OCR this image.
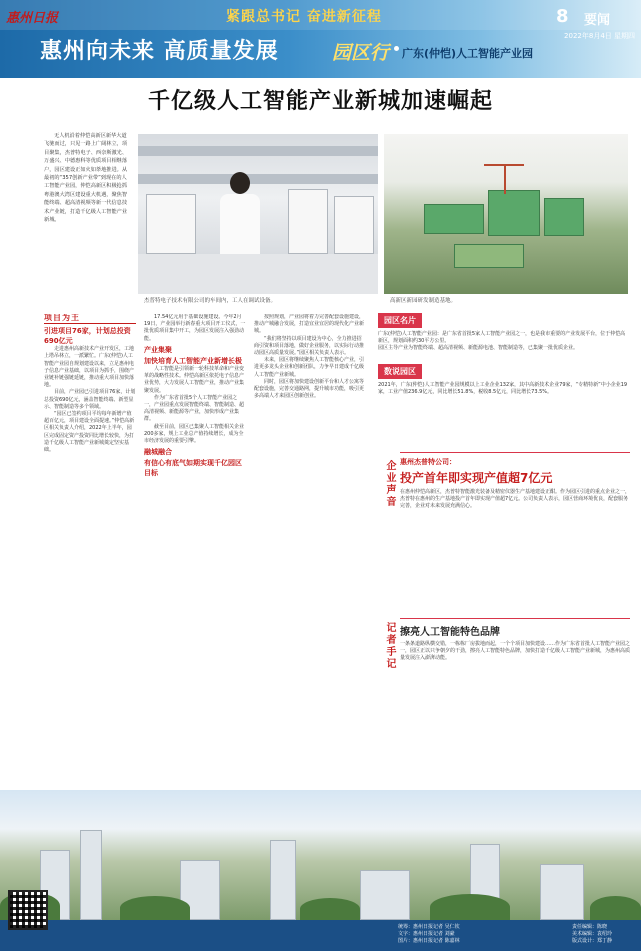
惠州日报	紧跟总书记 奋进新征程	8 要闻
2022年8月4日 星期四
惠州向未来 高质量发展	园区行 广东(仲恺)人工智能产业园
千亿级人工智能产业新城加速崛起

无人机沿着仲恺高新区新华大道飞驰而过，只见一路上广阔林立，项目聚集，杰普特电子、西奈斯激光、万盛兴、中德惠科等优质项目相继落户，园区建设正如火如荼地推进。从最初的“357创新产业带”到现在的人工智能产业园，仲恺高新区积极抢抓粤港澳大湾区建设重大机遇，聚焦智能终端、超高清视频等新一代信息技术产业链，打造千亿级人工智能产业新城。

杰普特电子技术有限公司的车间内，工人在调试设备。	高新区新园研发制造基地。
项目为王
引进项目76家，计划总投资690亿元

走进惠州高新技术产业开发区，工地上塔吊林立，一派繁忙。广东(仲恺)人工智能产业园自规划建设以来，立足惠州电子信息产业基础，以项目为抓手，围绕产业链补链强链延链，推动重大项目加快落地。

目前，产业园已引进项目76家，计划总投资690亿元，涵盖智能终端、新型显示、智能制造等多个领域。

“园区已签约项目平均每年新增产值超百亿元，项目建设全面提速。”仲恺高新区相关负责人介绍，2022年上半年，园区完成固定资产投资同比增长较快，为打造千亿级人工智能产业新城奠定坚实基础。

17.54亿元用于基础设施建设。今年2月19日，产业园举行新春重大项目开工仪式，一批优质项目集中开工，为园区发展注入强劲动能。

产业集聚
加快培育人工智能产业新增长极

人工智能是引领新一轮科技革命和产业变革的战略性技术。仲恺高新区依托电子信息产业优势，大力发展人工智能产业，推动产业集聚发展。

作为广东省首批5个人工智能产业园之一，产业园重点发展智能终端、智能制造、超高清视频、新能源等产业，加快形成产业集群。

截至目前，园区已集聚人工智能相关企业200多家，规上工业总产值持续增长，成为全市经济发展的重要引擎。

融城融合
有信心有底气如期实现千亿园区目标

按照规划，产业园将着力完善配套设施建设，推动产城融合发展，打造宜业宜居的现代化产业新城。

“我们将坚持以项目建设为中心，全力推进招商引资和项目落地，做好企业服务，以实际行动推动园区高质量发展。”园区相关负责人表示。

未来，园区将继续聚焦人工智能核心产业，引进更多龙头企业和创新团队，力争早日建成千亿级人工智能产业新城。

同时，园区将加快建设创新平台和人才公寓等配套设施，完善交通路网，提升城市功能，吸引更多高端人才来园区创新创业。

园区名片

广东(仲恺)人工智能产业园：是广东省首批5家人工智能产业园之一，也是我市重要的产业发展平台，位于仲恺高新区，规划面积约30平方公里。

园区主导产业为智能终端、超高清视频、新能源电池、智能制造等，已集聚一批优质企业。

数说园区

2021年，广东(仲恺)人工智能产业园规模以上工业企业132家，其中高新技术企业79家，“专精特新”中小企业19家，工业产值236.9亿元，同比增长51.8%，税收8.5亿元，同比增长73.5%。

企业声音 惠州杰普特公司：
投产首年即实现产值超7亿元
在惠州仲恺高新区，杰普特智能激光装备及精密仪器生产基地建设正酣。作为园区引进的重点企业之一，杰普特在惠州的生产基地投产首年即实现产值超7亿元。公司负责人表示，园区营商环境优良，配套服务完善，企业对未来发展充满信心。
记者手记 擦亮人工智能特色品牌
一条条道路纵横交错，一栋栋厂房拔地而起，一个个项目加快建设……作为广东省首批人工智能产业园之一，园区正以只争朝夕的干劲，擦亮人工智能特色品牌，加快打造千亿级人工智能产业新城，为惠州高质量发展注入澎湃动能。
统筹：惠州日报记者 吴仁钦
文字：惠州日报记者 刘豪
图片：惠州日报记者 陈嘉林
责任编辑：陈晓
美术编辑：袁绍玲
版式设计：郑丁静
